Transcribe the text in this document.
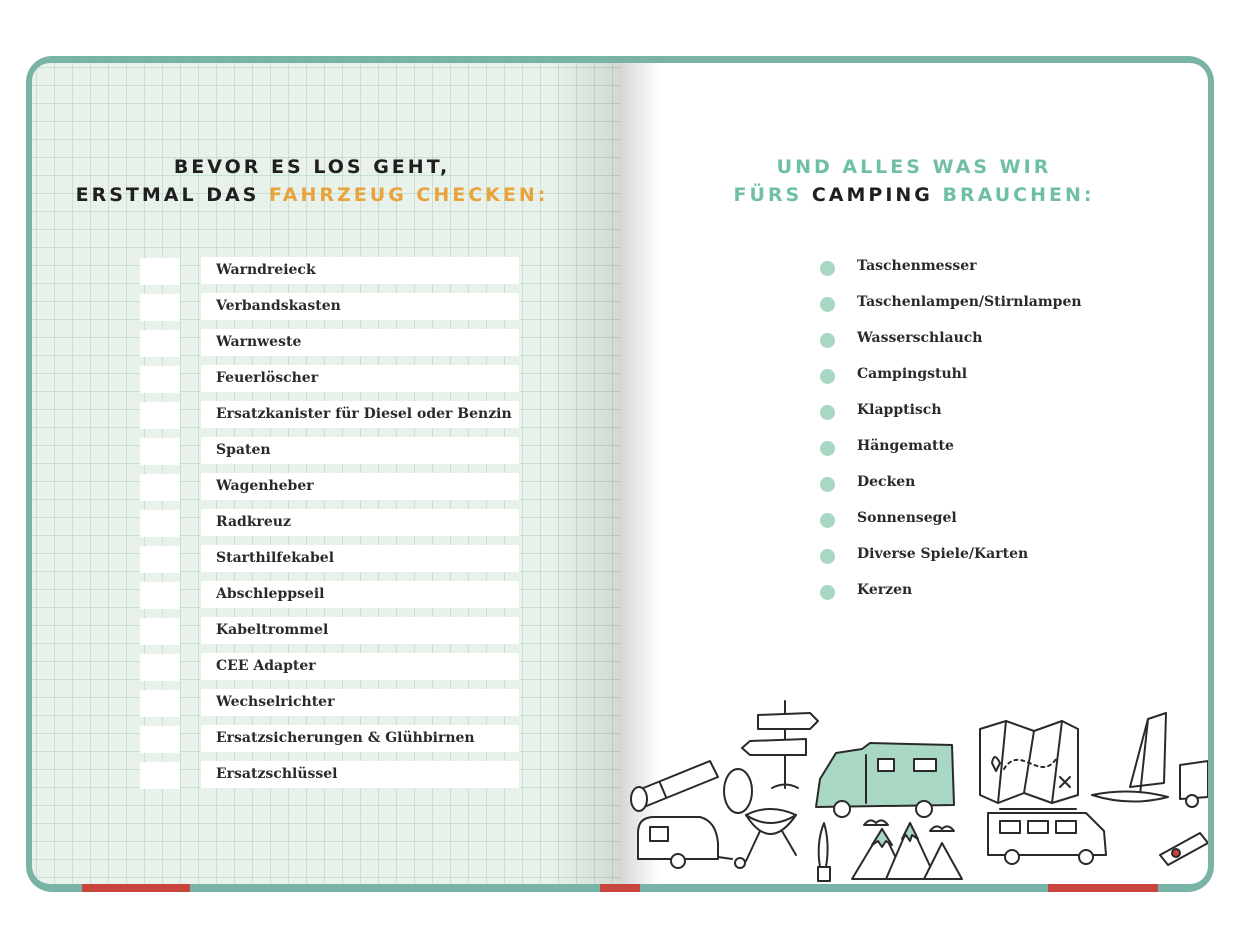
BEVOR ES LOS GEHT,
ERSTMAL DAS FAHRZEUG CHECKEN:
Warndreieck
Verbandskasten
Warnweste
Feuerlöscher
Ersatzkanister für Diesel oder Benzin
Spaten
Wagenheber
Radkreuz
Starthilfekabel
Abschleppseil
Kabeltrommel
CEE Adapter
Wechselrichter
Ersatzsicherungen & Glühbirnen
Ersatzschlüssel
UND ALLES WAS WIR
FÜRS CAMPING BRAUCHEN:
Taschenmesser
Taschenlampen/Stirnlampen
Wasserschlauch
Campingstuhl
Klapptisch
Hängematte
Decken
Sonnensegel
Diverse Spiele/Karten
Kerzen
